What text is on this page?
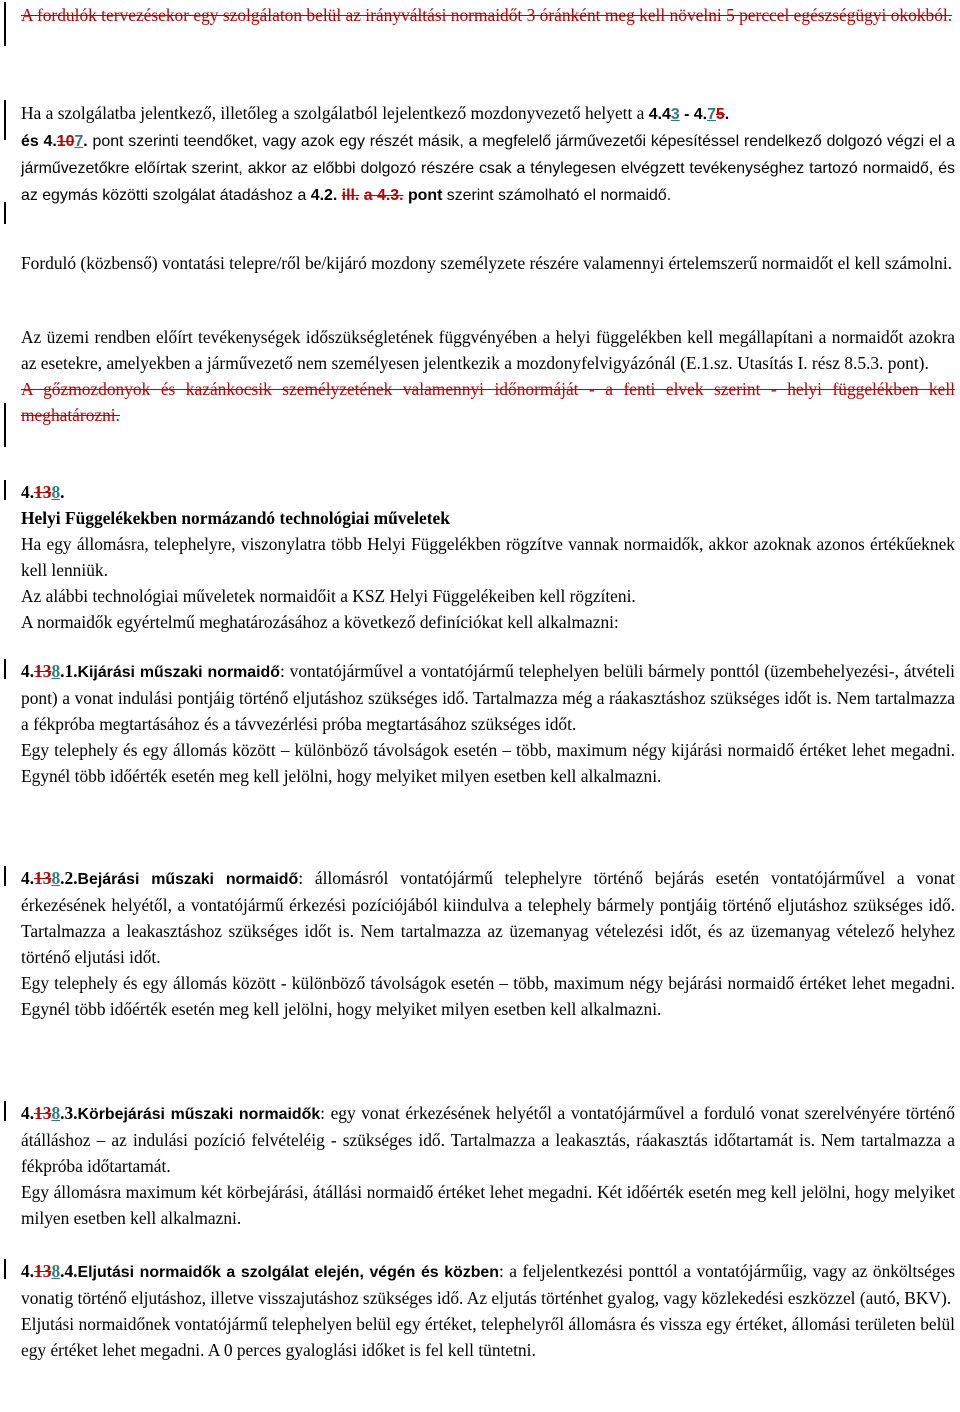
A fordulók tervezésekor egy szolgálaton belül az irányváltási normaidőt 3 óránként meg kell növelni 5 perccel egészségügyi okokból.

Ha a szolgálatba jelentkező, illetőleg a szolgálatból lejelentkező mozdonyvezető helyett a 4.43 - 4.75.
és 4.107. pont szerinti teendőket, vagy azok egy részét másik, a megfelelő járművezetői képesítéssel rendelkező dolgozó végzi el a járművezetőkre előírtak szerint, akkor az előbbi dolgozó részére csak a ténylegesen elvégzett tevékenységhez tartozó normaidő, és az egymás közötti szolgálat átadáshoz a 4.2. ill. a 4.3. pont szerint számolható el normaidő.

Forduló (közbenső) vontatási telepre/ről be/kijáró mozdony személyzete részére valamennyi értelemszerű normaidőt el kell számolni.

Az üzemi rendben előírt tevékenységek időszükségletének függvényében a helyi függelékben kell megállapítani a normaidőt azokra az esetekre, amelyekben a járművezető nem személyesen jelentkezik a mozdonyfelvigyázónál (E.1.sz. Utasítás I. rész 8.5.3. pont).

A gőzmozdonyok és kazánkocsik személyzetének valamennyi időnormáját - a fenti elvek szerint - helyi függelékben kell meghatározni.

4.138.

Helyi Függelékekben normázandó technológiai műveletek

Ha egy állomásra, telephelyre, viszonylatra több Helyi Függelékben rögzítve vannak normaidők, akkor azoknak azonos értékűeknek kell lenniük.

Az alábbi technológiai műveletek normaidőit a KSZ Helyi Függelékeiben kell rögzíteni.

A normaidők egyértelmű meghatározásához a következő definíciókat kell alkalmazni:

4.138.1.Kijárási műszaki normaidő: vontatójárművel a vontatójármű telephelyen belüli bármely ponttól (üzembehelyezési-, átvételi pont) a vonat indulási pontjáig történő eljutáshoz szükséges idő. Tartalmazza még a ráakasztáshoz szükséges időt is. Nem tartalmazza a fékpróba megtartásához és a távvezérlési próba megtartásához szükséges időt.

Egy telephely és egy állomás között – különböző távolságok esetén – több, maximum négy kijárási normaidő értéket lehet megadni. Egynél több időérték esetén meg kell jelölni, hogy melyiket milyen esetben kell alkalmazni.

4.138.2.Bejárási műszaki normaidő: állomásról vontatójármű telephelyre történő bejárás esetén vontatójárművel a vonat érkezésének helyétől, a vontatójármű érkezési pozíciójából kiindulva a telephely bármely pontjáig történő eljutáshoz szükséges idő. Tartalmazza a leakasztáshoz szükséges időt is. Nem tartalmazza az üzemanyag vételezési időt, és az üzemanyag vételező helyhez történő eljutási időt.

Egy telephely és egy állomás között - különböző távolságok esetén – több, maximum négy bejárási normaidő értéket lehet megadni. Egynél több időérték esetén meg kell jelölni, hogy melyiket milyen esetben kell alkalmazni.

4.138.3.Körbejárási műszaki normaidők: egy vonat érkezésének helyétől a vontatójárművel a forduló vonat szerelvényére történő átálláshoz – az indulási pozíció felvételéig - szükséges idő. Tartalmazza a leakasztás, ráakasztás időtartamát is. Nem tartalmazza a fékpróba időtartamát.

Egy állomásra maximum két körbejárási, átállási normaidő értéket lehet megadni. Két időérték esetén meg kell jelölni, hogy melyiket milyen esetben kell alkalmazni.

4.138.4.Eljutási normaidők a szolgálat elején, végén és közben: a feljelentkezési ponttól a vontatójárműig, vagy az önköltséges vonatig történő eljutáshoz, illetve visszajutáshoz szükséges idő. Az eljutás történhet gyalog, vagy közlekedési eszközzel (autó, BKV).

Eljutási normaidőnek vontatójármű telephelyen belül egy értéket, telephelyről állomásra és vissza egy értéket, állomási területen belül egy értéket lehet megadni. A 0 perces gyaloglási időket is fel kell tüntetni.
